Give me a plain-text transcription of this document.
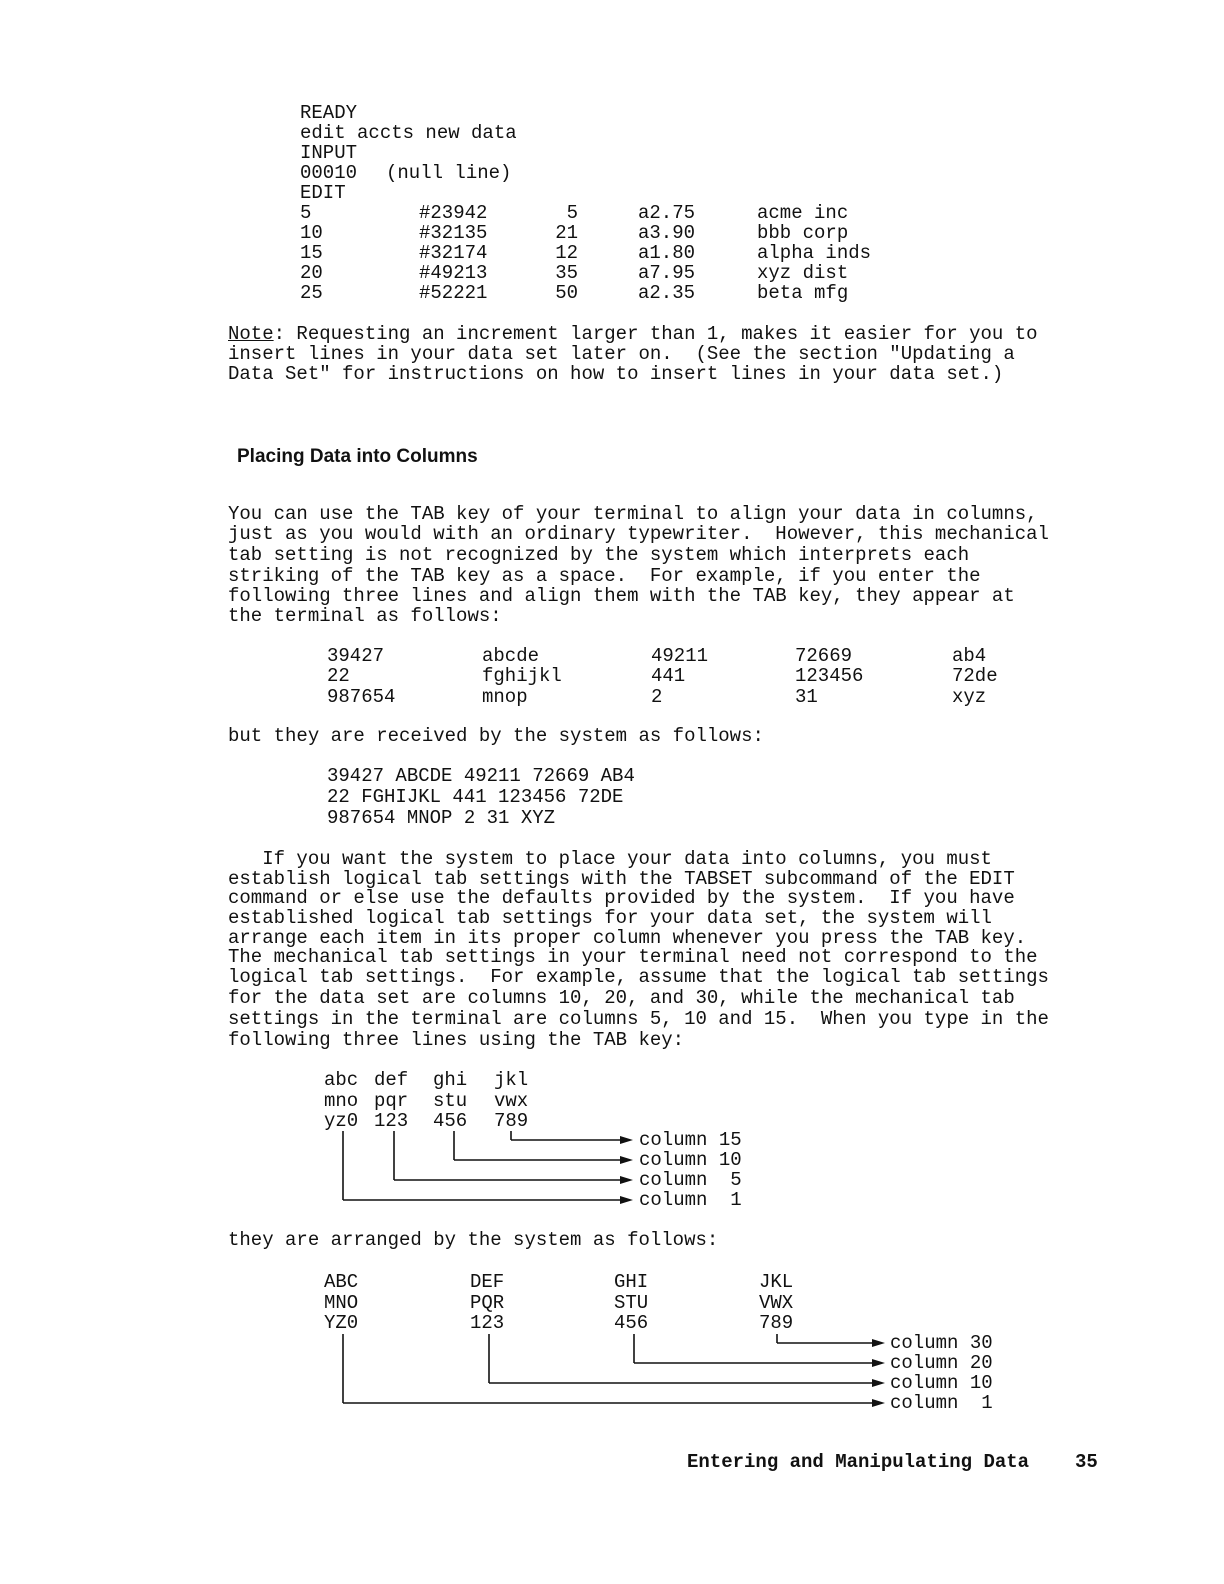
READY
edit accts new data
INPUT
00010 (null line)
EDIT
5	#23942	5	a2.75	acme inc
10	#32135	21	a3.90	bbb corp
15	#32174	12	a1.80	alpha inds
20	#49213	35	a7.95	xyz dist
25	#52221	50	a2.35	beta mfg
Note: Requesting an increment larger than 1, makes it easier for you to
insert lines in your data set later on.  (See the section "Updating a
Data Set" for instructions on how to insert lines in your data set.)
Placing Data into Columns
You can use the TAB key of your terminal to align your data in columns,
just as you would with an ordinary typewriter.  However, this mechanical
tab setting is not recognized by the system which interprets each
striking of the TAB key as a space.  For example, if you enter the
following three lines and align them with the TAB key, they appear at
the terminal as follows:
39427	abcde	49211	72669	ab4
22	fghijkl	441	123456	72de
987654	mnop	2	31	xyz
but they are received by the system as follows:
39427 ABCDE 49211 72669 AB4
22 FGHIJKL 441 123456 72DE
987654 MNOP 2 31 XYZ
If you want the system to place your data into columns, you must
establish logical tab settings with the TABSET subcommand of the EDIT
command or else use the defaults provided by the system.  If you have
established logical tab settings for your data set, the system will
arrange each item in its proper column whenever you press the TAB key.
The mechanical tab settings in your terminal need not correspond to the
logical tab settings.  For example, assume that the logical tab settings
for the data set are columns 10, 20, and 30, while the mechanical tab
settings in the terminal are columns 5, 10 and 15.  When you type in the
following three lines using the TAB key:
abc def ghi jkl
mno pqr stu vwx
yz0 123 456 789
column 15
column 10
column  5
column  1
they are arranged by the system as follows:
ABC	DEF	GHI	JKL
MNO	PQR	STU	VWX
YZ0	123	456	789
column 30
column 20
column 10
column  1
Entering and Manipulating Data 35
